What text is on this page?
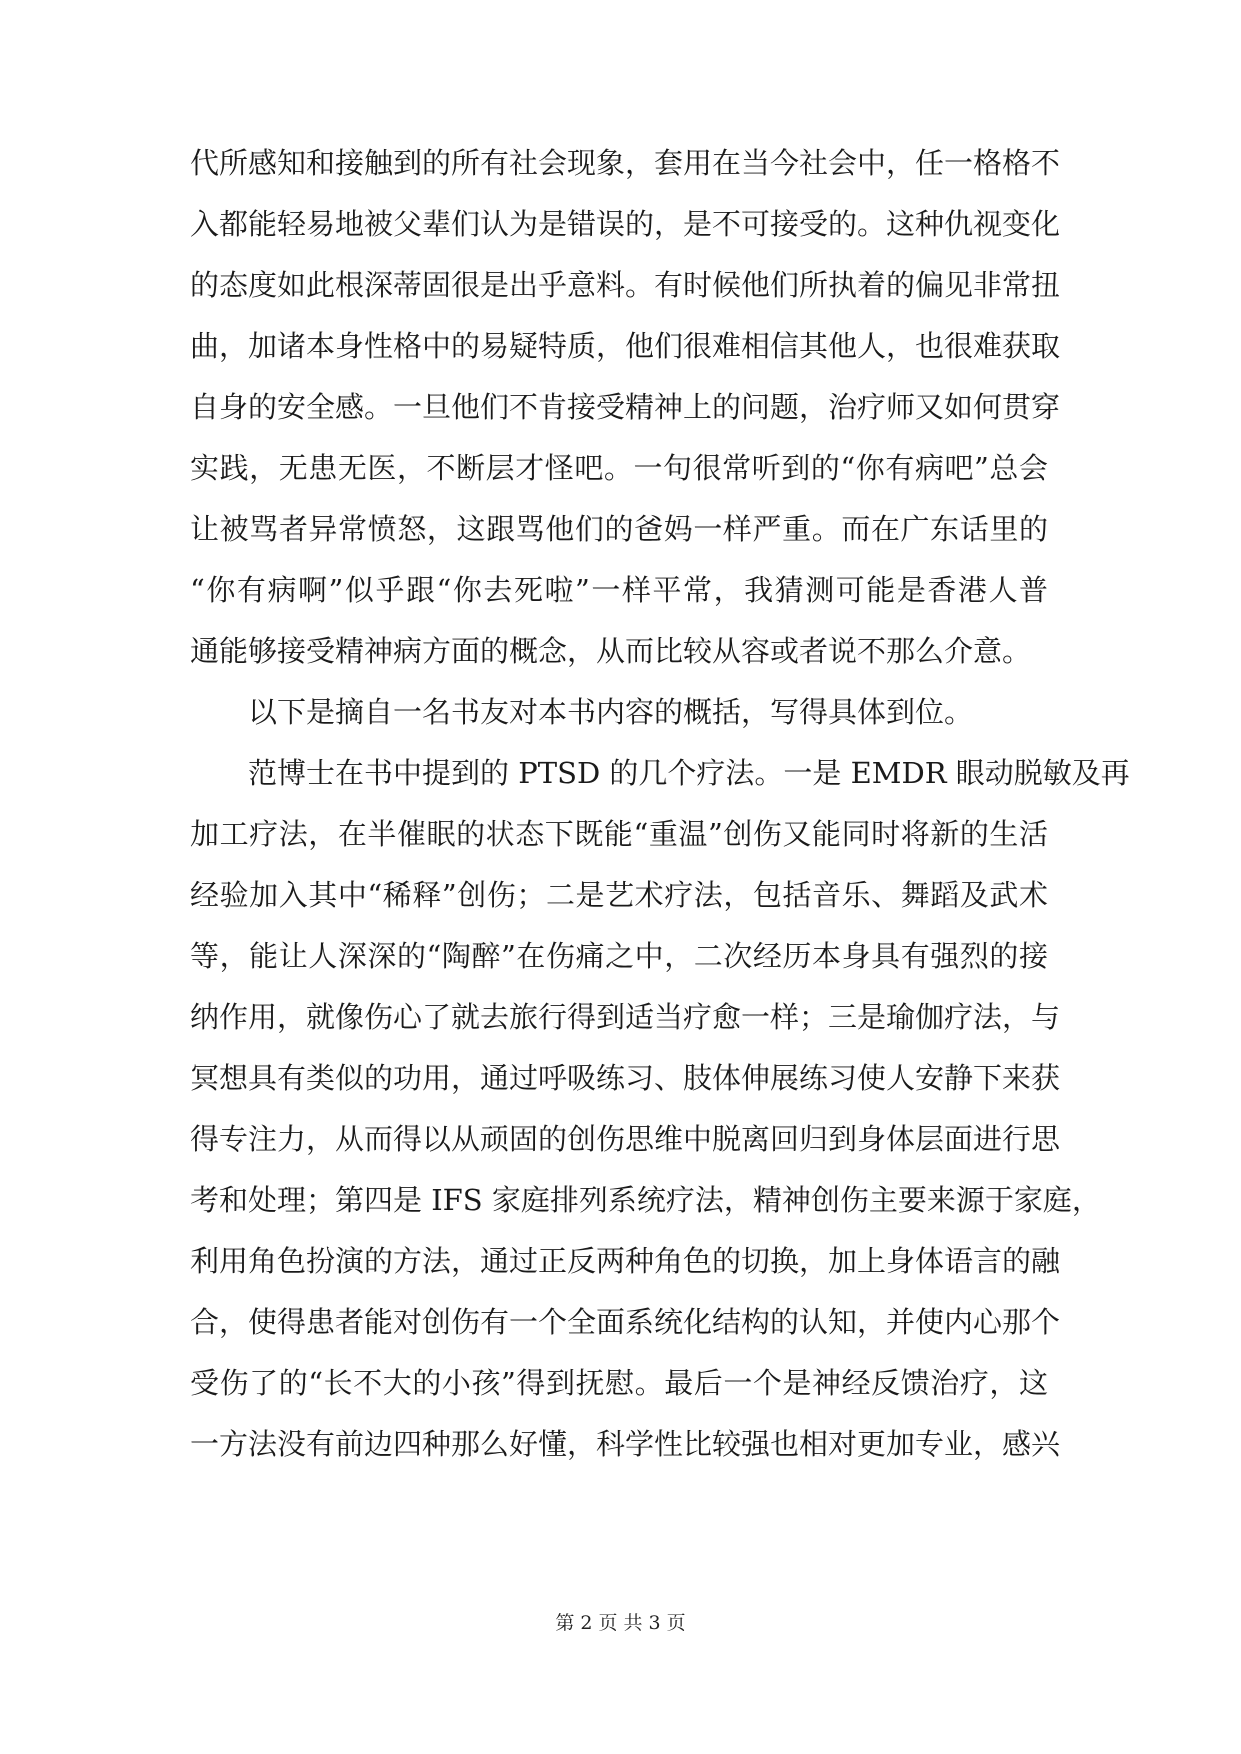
代所感知和接触到的所有社会现象，套用在当今社会中，任一格格不
入都能轻易地被父辈们认为是错误的，是不可接受的。这种仇视变化
的态度如此根深蒂固很是出乎意料。有时候他们所执着的偏见非常扭
曲，加诸本身性格中的易疑特质，他们很难相信其他人，也很难获取
自身的安全感。一旦他们不肯接受精神上的问题，治疗师又如何贯穿
实践，无患无医，不断层才怪吧。一句很常听到的“你有病吧”总会
让被骂者异常愤怒，这跟骂他们的爸妈一样严重。而在广东话里的
“你有病啊”似乎跟“你去死啦”一样平常，我猜测可能是香港人普
通能够接受精神病方面的概念，从而比较从容或者说不那么介意。
以下是摘自一名书友对本书内容的概括，写得具体到位。
范博士在书中提到的 PTSD 的几个疗法。一是 EMDR 眼动脱敏及再
加工疗法，在半催眠的状态下既能“重温”创伤又能同时将新的生活
经验加入其中“稀释”创伤；二是艺术疗法，包括音乐、舞蹈及武术
等，能让人深深的“陶醉”在伤痛之中，二次经历本身具有强烈的接
纳作用，就像伤心了就去旅行得到适当疗愈一样；三是瑜伽疗法，与
冥想具有类似的功用，通过呼吸练习、肢体伸展练习使人安静下来获
得专注力，从而得以从顽固的创伤思维中脱离回归到身体层面进行思
考和处理；第四是 IFS 家庭排列系统疗法，精神创伤主要来源于家庭，
利用角色扮演的方法，通过正反两种角色的切换，加上身体语言的融
合，使得患者能对创伤有一个全面系统化结构的认知，并使内心那个
受伤了的“长不大的小孩”得到抚慰。最后一个是神经反馈治疗，这
一方法没有前边四种那么好懂，科学性比较强也相对更加专业，感兴
第 2 页 共 3 页
